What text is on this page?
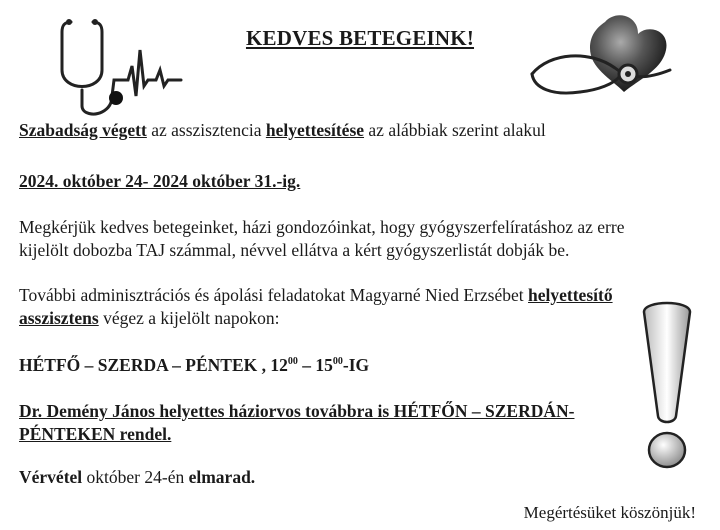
KEDVES BETEGEINK!
Szabadság végett az asszisztencia helyettesítése az alábbiak szerint alakul
2024. október 24- 2024 október 31.-ig.
Megkérjük kedves betegeinket, házi gondozóinkat, hogy gyógyszerfelíratáshoz az erre
kijelölt dobozba TAJ számmal, névvel ellátva a kért gyógyszerlistát dobják be.
További adminisztrációs és ápolási feladatokat Magyarné Nied Erzsébet helyettesítő
asszisztens végez a kijelölt napokon:
HÉTFŐ – SZERDA – PÉNTEK , $12^{00} - 15^{00}-IG$
Dr. Demény János helyettes háziorvos továbbra is HÉTFŐN – SZERDÁN-
PÉNTEKEN rendel.
Vérvétel október 24-én elmarad.
Megértésüket köszönjük!
